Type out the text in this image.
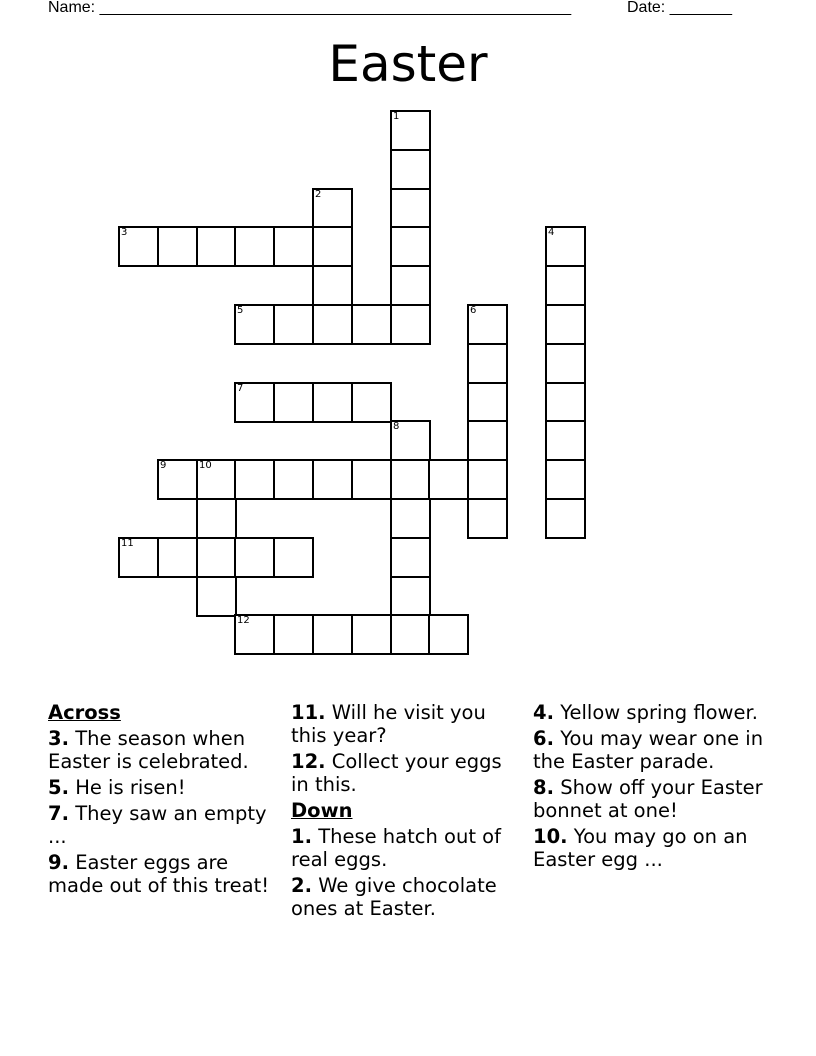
Name: _____________________________________________________	Date: _______
Easter
1
2
3	4
5	6
7
8
9	10
11
12
Across
3. The season when Easter is celebrated.
5. He is risen!
7. They saw an empty ...
9. Easter eggs are made out of this treat!
11. Will he visit you this year?
12. Collect your eggs in this.
Down
1. These hatch out of real eggs.
2. We give chocolate ones at Easter.
4. Yellow spring flower.
6. You may wear one in the Easter parade.
8. Show off your Easter bonnet at one!
10. You may go on an Easter egg ...
